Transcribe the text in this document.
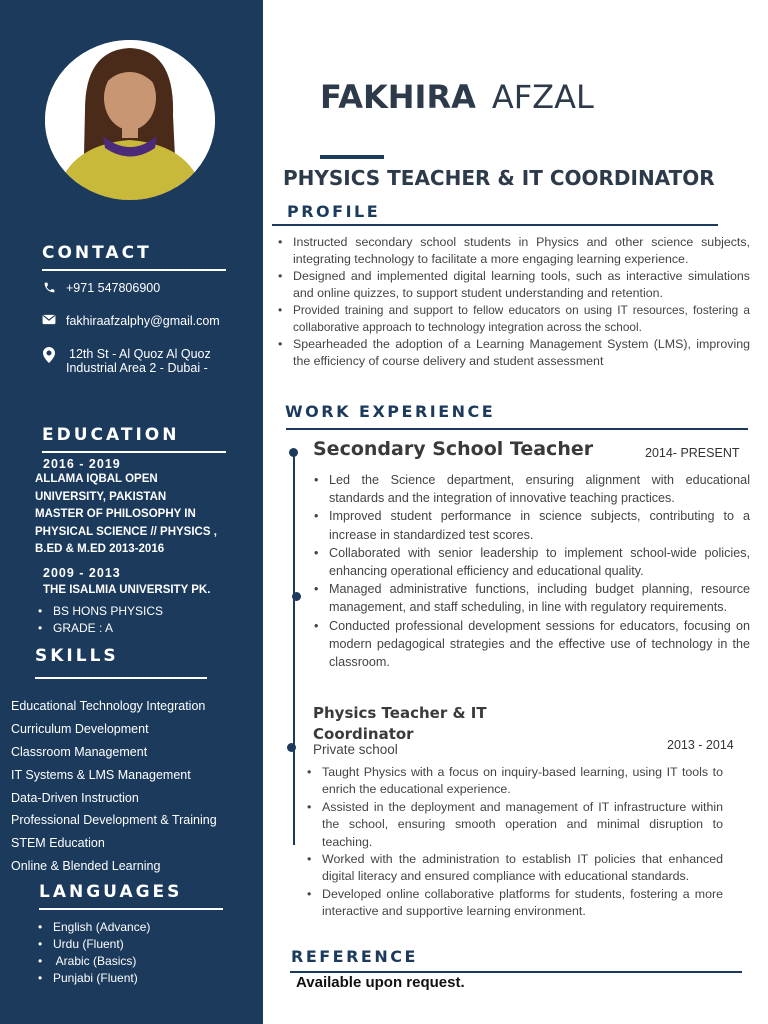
CONTACT
+971 547806900
fakhiraafzalphy@gmail.com
12th St - Al Quoz Al Quoz
Industrial Area 2 - Dubai -
EDUCATION
2016 - 2019
ALLAMA IQBAL OPEN
UNIVERSITY, PAKISTAN
MASTER OF PHILOSOPHY IN
PHYSICAL SCIENCE // PHYSICS ,
B.ED & M.ED 2013-2016
2009 - 2013
THE ISALMIA UNIVERSITY PK.
• BS HONS PHYSICS
• GRADE : A
SKILLS
Educational Technology Integration
Curriculum Development
Classroom Management
IT Systems & LMS Management
Data-Driven Instruction
Professional Development & Training
STEM Education
Online & Blended Learning
LANGUAGES
• English (Advance)
• Urdu (Fluent)
•  Arabic (Basics)
• Punjabi (Fluent)
FAKHIRA AFZAL
PHYSICS TEACHER & IT COORDINATOR
PROFILE
• Instructed secondary school students in Physics and other science subjects, integrating technology to facilitate a more engaging learning experience.
• Designed and implemented digital learning tools, such as interactive simulations and online quizzes, to support student understanding and retention.
• Provided training and support to fellow educators on using IT resources, fostering a collaborative approach to technology integration across the school.
• Spearheaded the adoption of a Learning Management System (LMS), improving the efficiency of course delivery and student assessment
WORK EXPERIENCE
Secondary School Teacher	2014- PRESENT
• Led the Science department, ensuring alignment with educational standards and the integration of innovative teaching practices.
• Improved student performance in science subjects, contributing to a increase in standardized test scores.
• Collaborated with senior leadership to implement school-wide policies, enhancing operational efficiency and educational quality.
• Managed administrative functions, including budget planning, resource management, and staff scheduling, in line with regulatory requirements.
• Conducted professional development sessions for educators, focusing on modern pedagogical strategies and the effective use of technology in the classroom.
Physics Teacher & IT
Coordinator
Private school	2013 - 2014
• Taught Physics with a focus on inquiry-based learning, using IT tools to enrich the educational experience.
• Assisted in the deployment and management of IT infrastructure within the school, ensuring smooth operation and minimal disruption to teaching.
• Worked with the administration to establish IT policies that enhanced digital literacy and ensured compliance with educational standards.
• Developed online collaborative platforms for students, fostering a more interactive and supportive learning environment.
REFERENCE
Available upon request.
